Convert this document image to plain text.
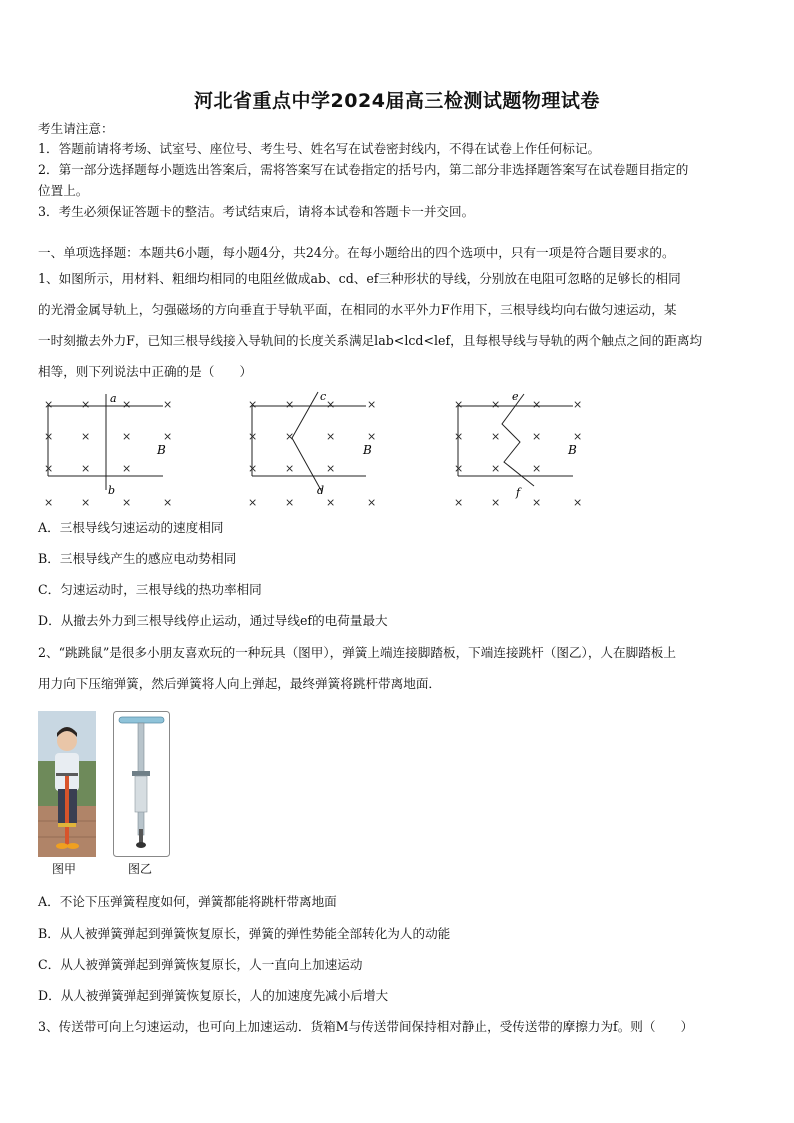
河北省重点中学2024届高三检测试题物理试卷
考生请注意：
1．答题前请将考场、试室号、座位号、考生号、姓名写在试卷密封线内，不得在试卷上作任何标记。
2．第一部分选择题每小题选出答案后，需将答案写在试卷指定的括号内，第二部分非选择题答案写在试卷题目指定的
位置上。
3．考生必须保证答题卡的整洁。考试结束后，请将本试卷和答题卡一并交回。
一、单项选择题：本题共6小题，每小题4分，共24分。在每小题给出的四个选项中，只有一项是符合题目要求的。
1、如图所示，用材料、粗细均相同的电阻丝做成ab、cd、ef三种形状的导线，分别放在电阻可忽略的足够长的相同
的光滑金属导轨上，匀强磁场的方向垂直于导轨平面，在相同的水平外力F作用下，三根导线均向右做匀速运动，某
一时刻撤去外力F，已知三根导线接入导轨间的长度关系满足lab<lcd<lef，且每根导线与导轨的两个触点之间的距离均
相等，则下列说法中正确的是（　　）
×
×
×
×
×
×
×
×
×
×
×
×
×
×
×
×
×
×
×
×
×
×
×
×
×
×
×
×
×
×
×
×
×
×
×
×
×
×
×
×
×
×
×
×
×
a
b
c
d
e
f
B	B	B
A．三根导线匀速运动的速度相同
B．三根导线产生的感应电动势相同
C．匀速运动时，三根导线的热功率相同
D．从撤去外力到三根导线停止运动，通过导线ef的电荷量最大
2、“跳跳鼠”是很多小朋友喜欢玩的一种玩具（图甲），弹簧上端连接脚踏板，下端连接跳杆（图乙），人在脚踏板上
用力向下压缩弹簧，然后弹簧将人向上弹起，最终弹簧将跳杆带离地面．
图甲	图乙
A．不论下压弹簧程度如何，弹簧都能将跳杆带离地面
B．从人被弹簧弹起到弹簧恢复原长，弹簧的弹性势能全部转化为人的动能
C．从人被弹簧弹起到弹簧恢复原长，人一直向上加速运动
D．从人被弹簧弹起到弹簧恢复原长，人的加速度先减小后增大
3、传送带可向上匀速运动，也可向上加速运动．货箱M与传送带间保持相对静止，受传送带的摩擦力为f。则（　　）
